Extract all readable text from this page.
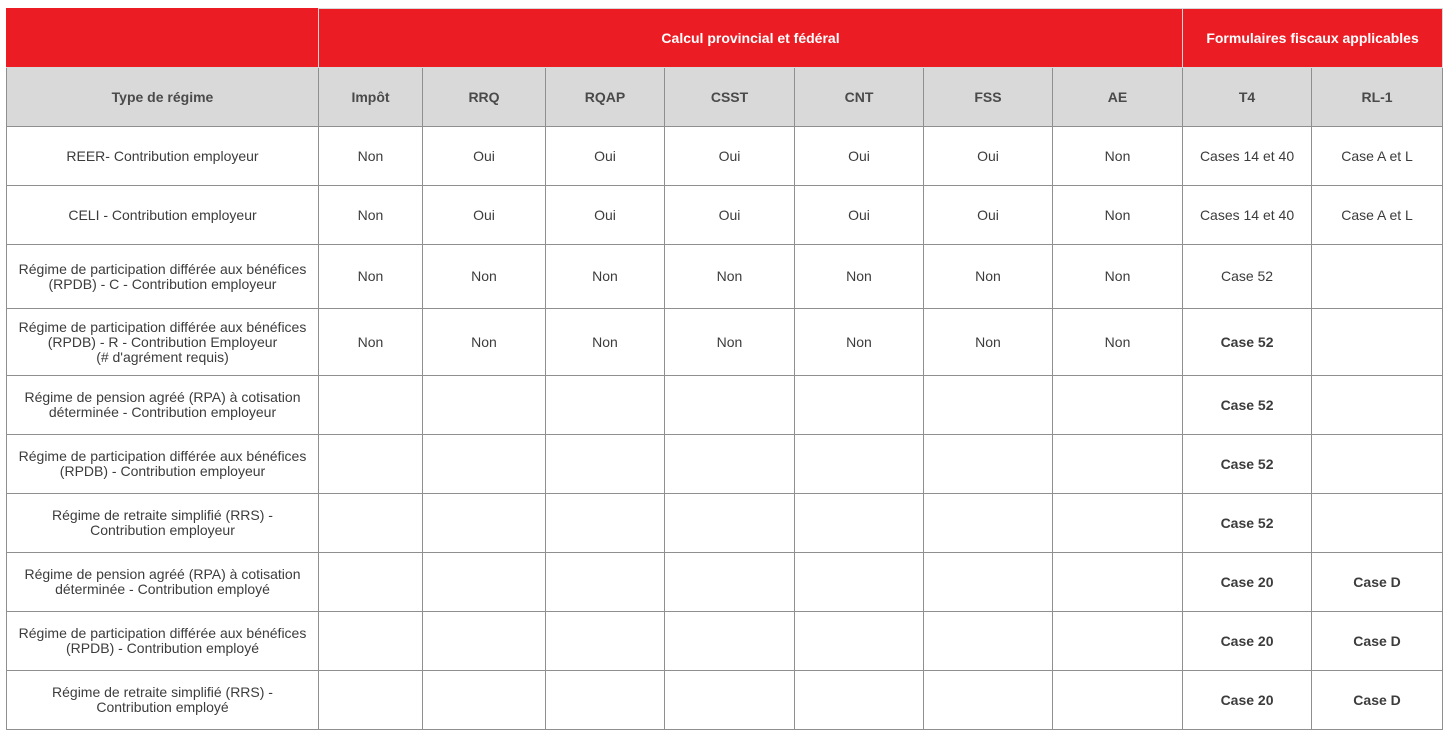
	Calcul provincial et fédéral							Formulaires fiscaux applicables	
Type de régime	Impôt	RRQ	RQAP	CSST	CNT	FSS	AE	T4	RL-1

REER- Contribution employeur	Non	Oui	Oui	Oui	Oui	Oui	Non	Cases 14 et 40	Case A et L

CELI - Contribution employeur	Non	Oui	Oui	Oui	Oui	Oui	Non	Cases 14 et 40	Case A et L

Régime de participation différée aux bénéfices
(RPDB) - C - Contribution employeur	Non	Non	Non	Non	Non	Non	Non	Case 52	

Régime de participation différée aux bénéfices
(RPDB) - R - Contribution Employeur
(# d'agrément requis)	Non	Non	Non	Non	Non	Non	Non	Case 52	

Régime de pension agréé (RPA) à cotisation
déterminée - Contribution employeur								Case 52	

Régime de participation différée aux bénéfices
(RPDB) - Contribution employeur								Case 52	

Régime de retraite simplifié (RRS) -
Contribution employeur								Case 52	

Régime de pension agréé (RPA) à cotisation
déterminée - Contribution employé								Case 20	Case D

Régime de participation différée aux bénéfices
(RPDB) - Contribution employé								Case 20	Case D

Régime de retraite simplifié (RRS) -
Contribution employé								Case 20	Case D
